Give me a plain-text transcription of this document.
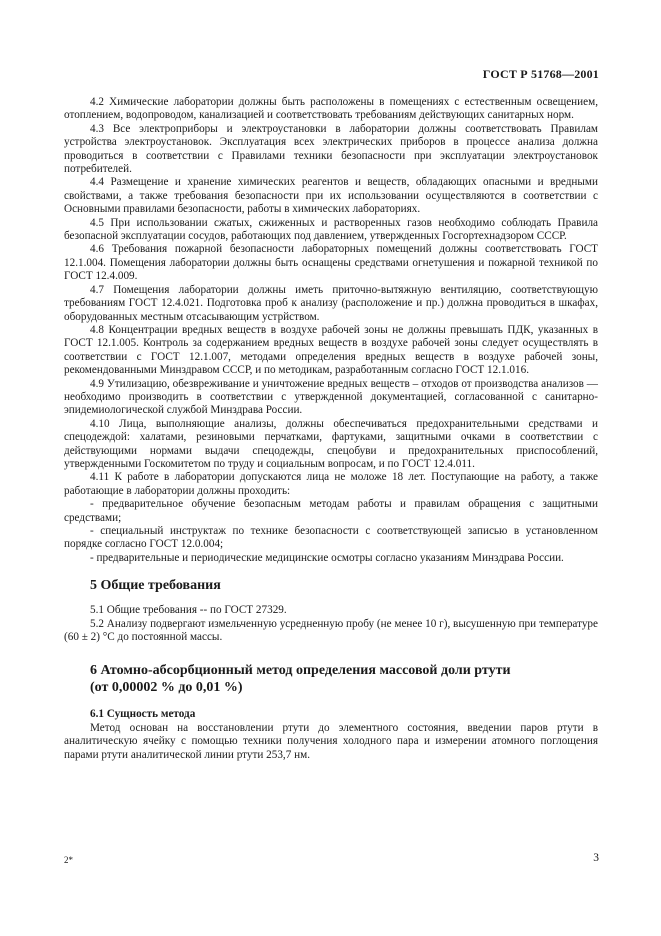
ГОСТ Р 51768—2001

4.2 Химические лаборатории должны быть расположены в помещениях с естественным освещением, отоплением, водопроводом, канализацией и соответствовать требованиям действующих санитарных норм.

4.3 Все электроприборы и электроустановки в лаборатории должны соответствовать Правилам устройства электроустановок. Эксплуатация всех электрических приборов в процессе анализа должна проводиться в соответствии с Правилами техники безопасности при эксплуатации электроустановок потребителей.

4.4 Размещение и хранение химических реагентов и веществ, обладающих опасными и вредными свойствами, а также требования безопасности при их использовании осуществляются в соответствии с Основными правилами безопасности, работы в химических лабораториях.

4.5 При использовании сжатых, сжиженных и растворенных газов необходимо соблюдать Правила безопасной эксплуатации сосудов, работающих под давлением, утвержденных Госгортехнадзором СССР.

4.6 Требования пожарной безопасности лабораторных помещений должны соответствовать ГОСТ 12.1.004. Помещения лаборатории должны быть оснащены средствами огнетушения и пожарной техникой по ГОСТ 12.4.009.

4.7 Помещения лаборатории должны иметь приточно-вытяжную вентиляцию, соответствующую требованиям ГОСТ 12.4.021. Подготовка проб к анализу (расположение и пр.) должна проводиться в шкафах, оборудованных местным отсасывающим устрйством.

4.8 Концентрации вредных веществ в воздухе рабочей зоны не должны превышать ПДК, указанных в ГОСТ 12.1.005. Контроль за содержанием вредных веществ в воздухе рабочей зоны следует осуществлять в соответствии с ГОСТ 12.1.007, методами определения вредных веществ в воздухе рабочей зоны, рекомендованными Минздравом СССР, и по методикам, разработанным согласно ГОСТ 12.1.016.

4.9 Утилизацию, обезвреживание и уничтожение вредных веществ – отходов от производства анализов — необходимо производить в соответствии с утвержденной документацией, согласованной с санитарно-эпидемиологической службой Минздрава России.

4.10 Лица, выполняющие анализы, должны обеспечиваться предохранительными средствами и спецодеждой: халатами, резиновыми перчатками, фартуками, защитными очками в соответствии с действующими нормами выдачи спецодежды, спецобуви и предохранительных приспособлений, утвержденными Госкомитетом по труду и социальным вопросам, и по ГОСТ 12.4.011.

4.11 К работе в лаборатории допускаются лица не моложе 18 лет. Поступающие на работу, а также работающие в лаборатории должны проходить:

- предварительное обучение безопасным методам работы и правилам обращения с защитными средствами;

- специальный инструктаж по технике безопасности с соответствующей записью в установленном порядке согласно ГОСТ 12.0.004;

- предварительные и периодические медицинские осмотры согласно указаниям Минздрава России.

5 Общие требования

5.1 Общие требования -- по ГОСТ 27329.

5.2 Анализу подвергают измельченную усредненную пробу (не менее 10 г), высушенную при температуре (60 ± 2) °С до постоянной массы.

6 Атомно-абсорбционный метод определения массовой доли ртути
(от 0,00002 % до 0,01 %)
6.1 Сущность метода

Метод основан на восстановлении ртути до элементного состояния, введении паров ртути в аналитическую ячейку с помощью техники получения холодного пара и измерении атомного поглощения парами ртути аналитической линии ртути 253,7 нм.

2*	3
